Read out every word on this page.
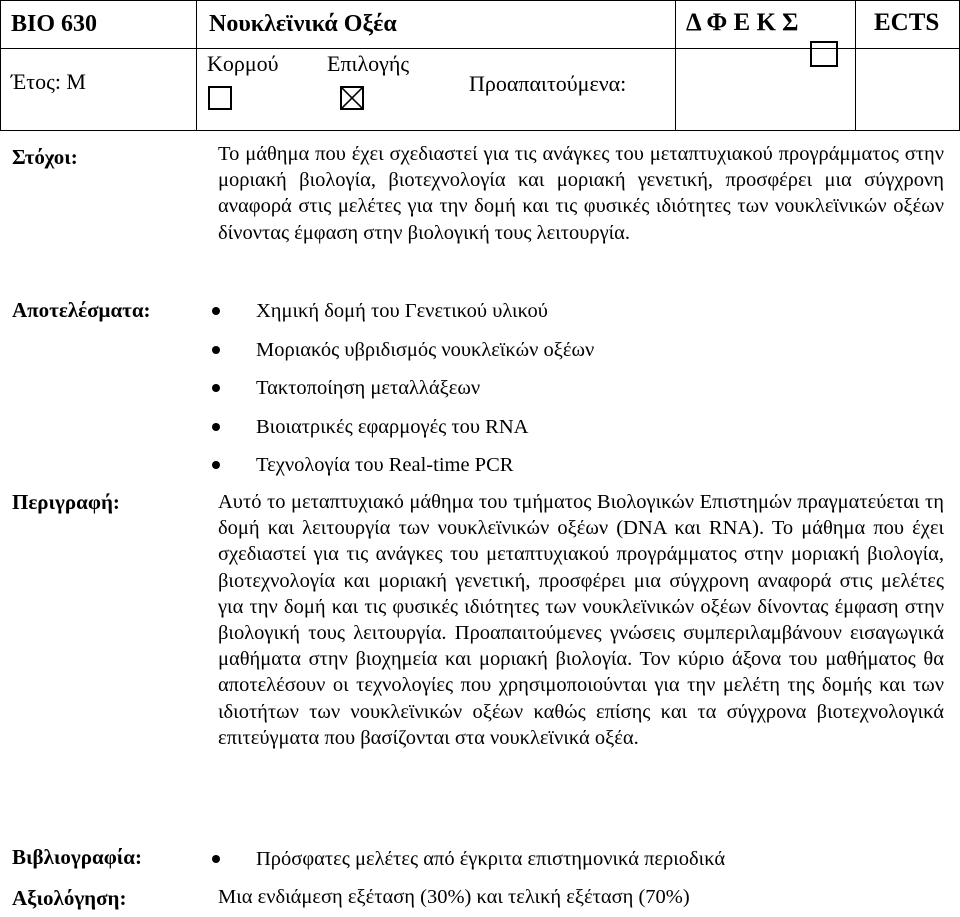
BIO 630	Νουκλεϊνικά Οξέα	Δ Φ Ε Κ Σ	ECTS

Έτος: Μ	Κορμού Επιλογής
Προαπαιτούμενα:		

Στόχοι:	Το μάθημα που έχει σχεδιαστεί για τις ανάγκες του μεταπτυχιακού προγράμματος στην μοριακή βιολογία, βιοτεχνολογία και μοριακή γενετική, προσφέρει μια σύγχρονη αναφορά στις μελέτες για την δομή και τις φυσικές ιδιότητες των νουκλεϊνικών οξέων δίνοντας έμφαση στην βιολογική τους λειτουργία.
Αποτελέσματα:	Χημική δομή του Γενετικού υλικού
Μοριακός υβριδισμός νουκλεϊκών οξέων
Τακτοποίηση μεταλλάξεων
Βιοιατρικές εφαρμογές του RNA
Τεχνολογία του Real-time PCR
Περιγραφή:	Αυτό το μεταπτυχιακό μάθημα του τμήματος Βιολογικών Επιστημών πραγματεύεται τη δομή και λειτουργία των νουκλεϊνικών οξέων (DNA και RNA). Το μάθημα που έχει σχεδιαστεί για τις ανάγκες του μεταπτυχιακού προγράμματος στην μοριακή βιολογία, βιοτεχνολογία και μοριακή γενετική, προσφέρει μια σύγχρονη αναφορά στις μελέτες για την δομή και τις φυσικές ιδιότητες των νουκλεϊνικών οξέων δίνοντας έμφαση στην βιολογική τους λειτουργία. Προαπαιτούμενες γνώσεις συμπεριλαμβάνουν εισαγωγικά μαθήματα στην βιοχημεία και μοριακή βιολογία. Τον κύριο άξονα του μαθήματος θα αποτελέσουν οι τεχνολογίες που χρησιμοποιούνται για την μελέτη της δομής και των ιδιοτήτων των νουκλεϊνικών οξέων καθώς επίσης και τα σύγχρονα βιοτεχνολογικά επιτεύγματα που βασίζονται στα νουκλεϊνικά οξέα.
Βιβλιογραφία:	Πρόσφατες μελέτες από έγκριτα επιστημονικά περιοδικά
Αξιολόγηση:	Μια ενδιάμεση εξέταση (30%) και τελική εξέταση (70%)
